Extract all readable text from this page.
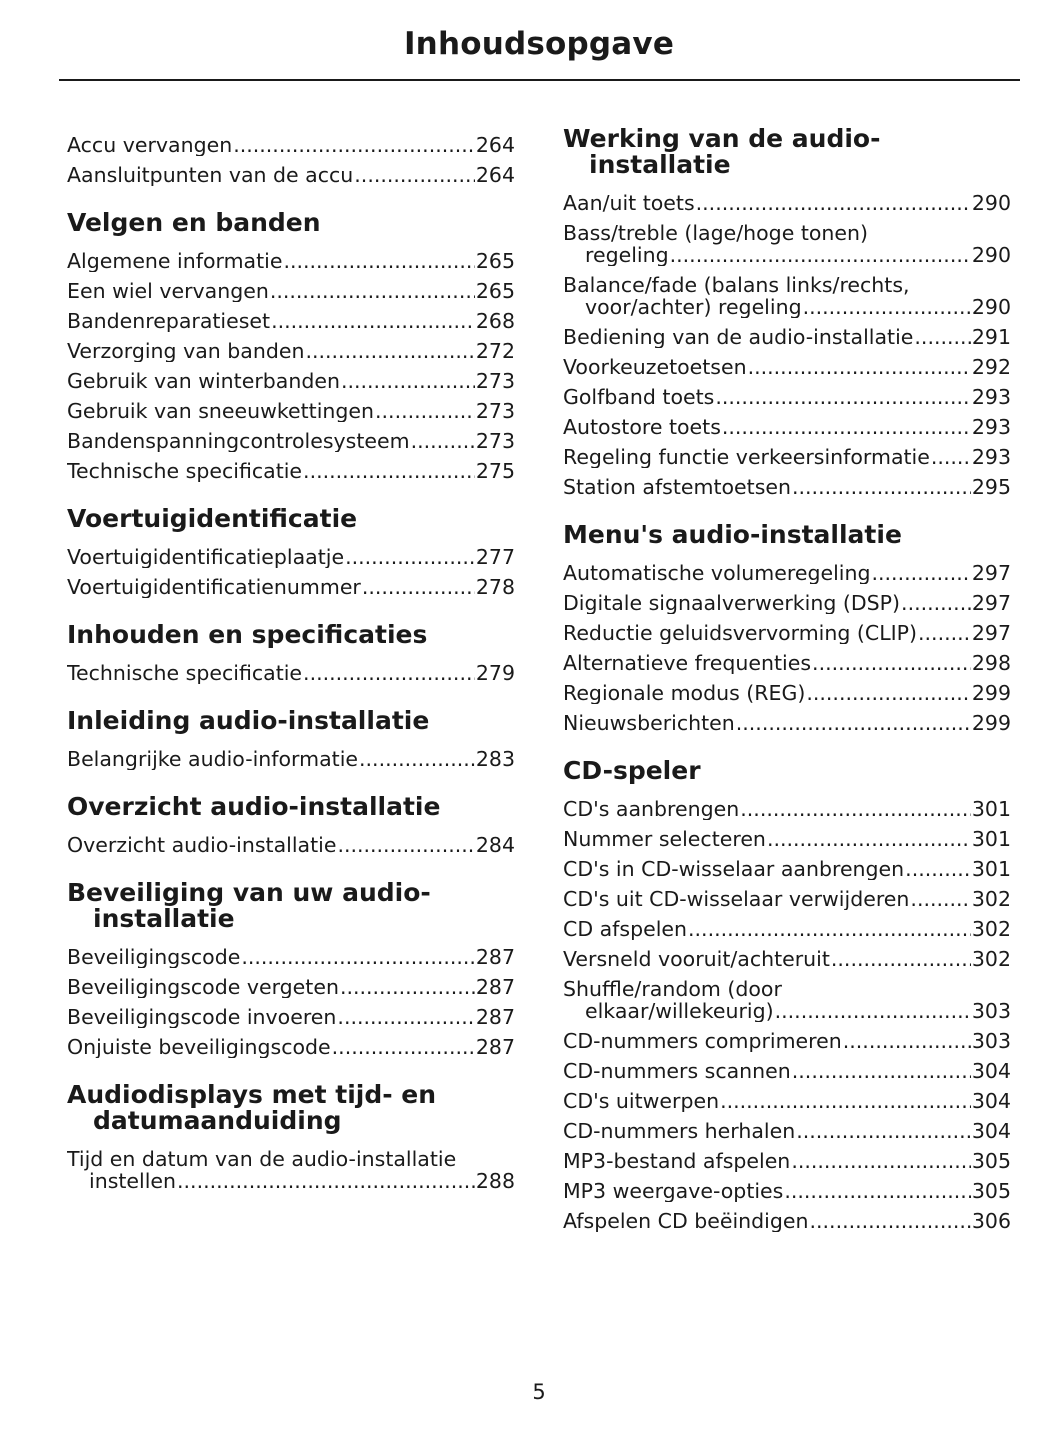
Inhoudsopgave
Accu vervangen .....	264
Aansluitpunten van de accu .....	264
Velgen en banden
Algemene informatie .....	265
Een wiel vervangen .....	265
Bandenreparatieset .....	268
Verzorging van banden .....	272
Gebruik van winterbanden .....	273
Gebruik van sneeuwkettingen .....	273
Bandenspanningcontrolesysteem .....	273
Technische specificatie .....	275
Voertuigidentificatie
Voertuigidentificatieplaatje .....	277
Voertuigidentificatienummer .....	278
Inhouden en specificaties
Technische specificatie .....	279
Inleiding audio-installatie
Belangrijke audio-informatie .....	283
Overzicht audio-installatie
Overzicht audio-installatie .....	284
Beveiliging van uw audio-installatie
Beveiligingscode .....	287
Beveiligingscode vergeten .....	287
Beveiligingscode invoeren .....	287
Onjuiste beveiligingscode .....	287
Audiodisplays met tijd- en datumaanduiding
Tijd en datum van de audio-installatie
instellen .....	288
Werking van de audio-installatie
Aan/uit toets .....	290
Bass/treble (lage/hoge tonen)
regeling .....	290
Balance/fade (balans links/rechts,
voor/achter) regeling .....	290
Bediening van de audio-installatie .....	291
Voorkeuzetoetsen .....	292
Golfband toets .....	293
Autostore toets .....	293
Regeling functie verkeersinformatie ..... 293
Station afstemtoetsen .....	295
Menu's audio-installatie
Automatische volumeregeling .....	297
Digitale signaalverwerking (DSP) .....	297
Reductie geluidsvervorming (CLIP) .....	297
Alternatieve frequenties .....	298
Regionale modus (REG) .....	299
Nieuwsberichten .....	299
CD-speler
CD's aanbrengen .....	301
Nummer selecteren .....	301
CD's in CD-wisselaar aanbrengen .....	301
CD's uit CD-wisselaar verwijderen .....	302
CD afspelen .....	302
Versneld vooruit/achteruit .....	302
Shuffle/random (door
elkaar/willekeurig) .....	303
CD-nummers comprimeren .....	303
CD-nummers scannen .....	304
CD's uitwerpen .....	304
CD-nummers herhalen .....	304
MP3-bestand afspelen .....	305
MP3 weergave-opties .....	305
Afspelen CD beëindigen .....	306
5
